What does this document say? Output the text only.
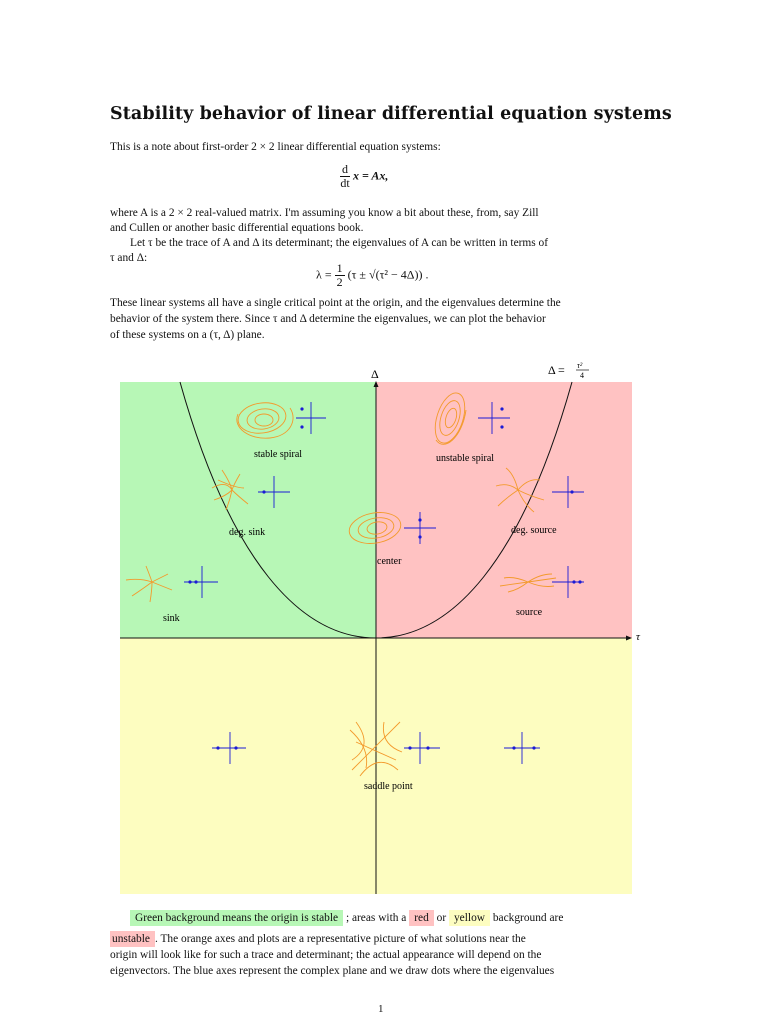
Stability behavior of linear differential equation systems

This is a note about first-order 2 × 2 linear differential equation systems:

$\frac{d}{dt}$ x = Ax,

where A is a 2 × 2 real-valued matrix. I'm assuming you know a bit about these, from, say Zill

and Cullen or another basic differential equations book.

Let τ be the trace of A and Δ its determinant; the eigenvalues of A can be written in terms of

τ and Δ:

$\lambda = \frac{1}{2} (\tau \pm √(\tau^2 - 4\Delta))$ .

These linear systems all have a single critical point at the origin, and the eigenvalues determine the

behavior of the system there. Since τ and Δ determine the eigenvalues, we can plot the behavior

of these systems on a (τ, Δ) plane.

Δ
τ
Δ = τ²
4
stable spiral	unstable spiral
deg. sink
center
deg. source
sink
source
saddle point

Green background means the origin is stable ; areas with a red or yellow background are

unstable . The orange axes and plots are a representative picture of what solutions near the

origin will look like for such a trace and determinant; the actual appearance will depend on the

eigenvectors. The blue axes represent the complex plane and we draw dots where the eigenvalues

1
